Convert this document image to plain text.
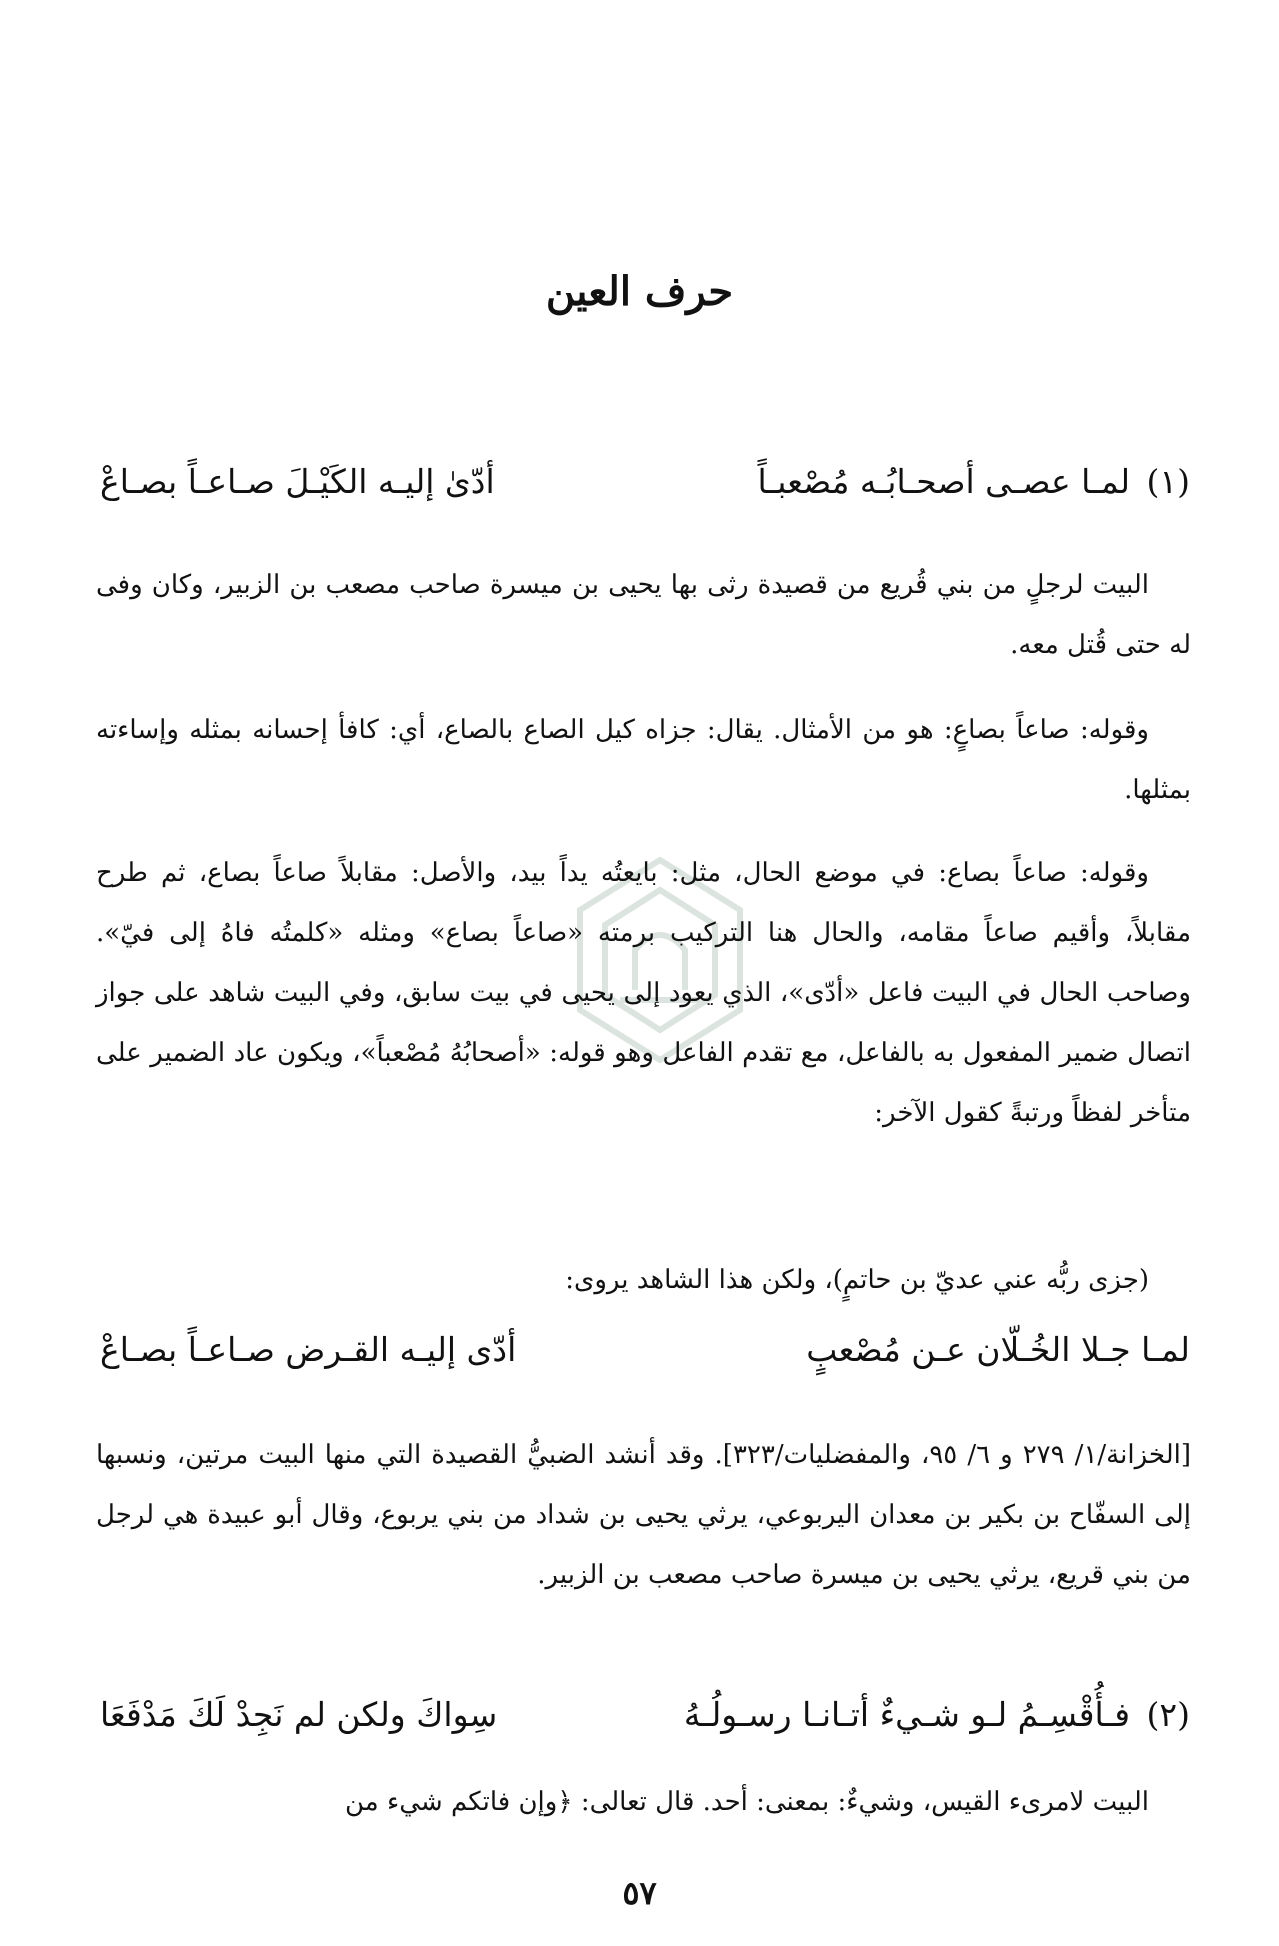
حرف العين
(١) لمـا عصـى أصحـابُـه مُصْعبـاً
أدّىٰ إليـه الكَيْـلَ صـاعـاً بصـاعْ
البيت لرجلٍ من بني قُريع من قصيدة رثى بها يحيى بن ميسرة صاحب مصعب بن الزبير، وكان وفى له حتى قُتل معه.
وقوله: صاعاً بصاعٍ: هو من الأمثال. يقال: جزاه كيل الصاع بالصاع، أي: كافأ إحسانه بمثله وإساءته بمثلها.
وقوله: صاعاً بصاع: في موضع الحال، مثل: بايعتُه يداً بيد، والأصل: مقابلاً صاعاً بصاع، ثم طرح مقابلاً، وأقيم صاعاً مقامه، والحال هنا التركيب برمته «صاعاً بصاع» ومثله «كلمتُه فاهُ إلى فيّ». وصاحب الحال في البيت فاعل «أدّى»، الذي يعود إلى يحيى في بيت سابق، وفي البيت شاهد على جواز اتصال ضمير المفعول به بالفاعل، مع تقدم الفاعل وهو قوله: «أصحابُهُ مُصْعباً»، ويكون عاد الضمير على متأخر لفظاً ورتبةً كقول الآخر:
(جزى ربُّه عني عديّ بن حاتمٍ)، ولكن هذا الشاهد يروى:
لمـا جـلا الخُـلّان عـن مُصْعبٍ
أدّى إليـه القـرض صـاعـاً بصـاعْ
[الخزانة/١/ ٢٧٩ و ٦/ ٩٥، والمفضليات/٣٢٣]. وقد أنشد الضبيُّ القصيدة التي منها البيت مرتين، ونسبها إلى السفّاح بن بكير بن معدان اليربوعي، يرثي يحيى بن شداد من بني يربوع، وقال أبو عبيدة هي لرجل من بني قريع، يرثي يحيى بن ميسرة صاحب مصعب بن الزبير.
(٢) فـأُقْسِـمُ لـو شـيءٌ أتـانـا رسـولُـهُ
سِواكَ ولكن لم نَجِدْ لَكَ مَدْفَعَا
البيت لامرىء القيس، وشيءٌ: بمعنى: أحد. قال تعالى: ﴿وإن فاتكم شيء من
٥٧
